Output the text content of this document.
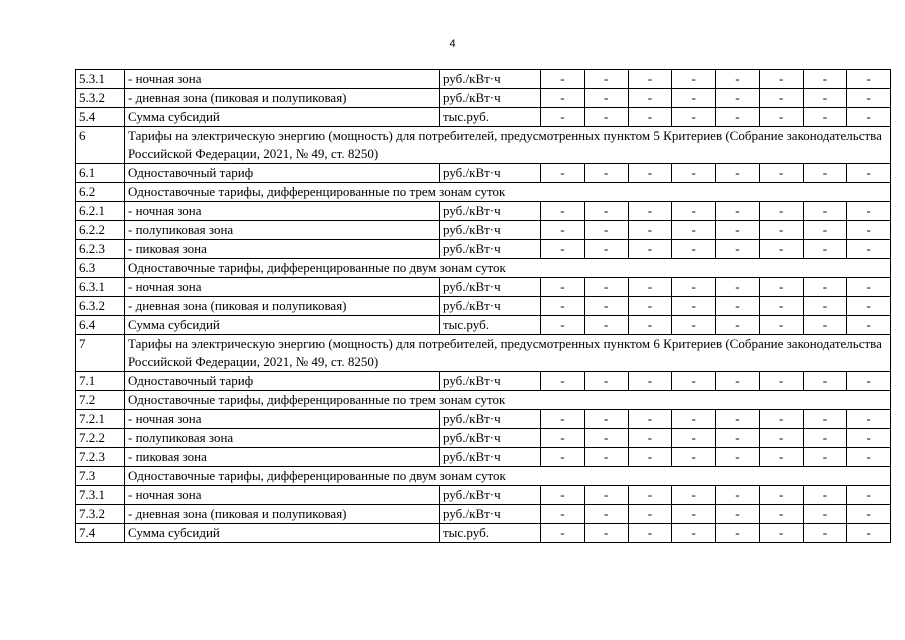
4
5.3.1	- ночная зона	руб./кВт·ч	-	-	-	-	-	-	-	-
5.3.2	- дневная зона (пиковая и полупиковая)	руб./кВт·ч	-	-	-	-	-	-	-	-
5.4	Сумма субсидий	тыс.руб.	-	-	-	-	-	-	-	-
6	Тарифы на электрическую энергию (мощность) для потребителей, предусмотренных пунктом 5 Критериев (Собрание законодательства Российской Федерации, 2021, № 49, ст. 8250)									
6.1	Одноставочный тариф	руб./кВт·ч	-	-	-	-	-	-	-	-
6.2	Одноставочные тарифы, дифференцированные по трем зонам суток									
6.2.1	- ночная зона	руб./кВт·ч	-	-	-	-	-	-	-	-
6.2.2	- полупиковая зона	руб./кВт·ч	-	-	-	-	-	-	-	-
6.2.3	- пиковая зона	руб./кВт·ч	-	-	-	-	-	-	-	-
6.3	Одноставочные тарифы, дифференцированные по двум зонам суток									
6.3.1	- ночная зона	руб./кВт·ч	-	-	-	-	-	-	-	-
6.3.2	- дневная зона (пиковая и полупиковая)	руб./кВт·ч	-	-	-	-	-	-	-	-
6.4	Сумма субсидий	тыс.руб.	-	-	-	-	-	-	-	-
7	Тарифы на электрическую энергию (мощность) для потребителей, предусмотренных пунктом 6 Критериев (Собрание законодательства Российской Федерации, 2021, № 49, ст. 8250)									
7.1	Одноставочный тариф	руб./кВт·ч	-	-	-	-	-	-	-	-
7.2	Одноставочные тарифы, дифференцированные по трем зонам суток									
7.2.1	- ночная зона	руб./кВт·ч	-	-	-	-	-	-	-	-
7.2.2	- полупиковая зона	руб./кВт·ч	-	-	-	-	-	-	-	-
7.2.3	- пиковая зона	руб./кВт·ч	-	-	-	-	-	-	-	-
7.3	Одноставочные тарифы, дифференцированные по двум зонам суток									
7.3.1	- ночная зона	руб./кВт·ч	-	-	-	-	-	-	-	-
7.3.2	- дневная зона (пиковая и полупиковая)	руб./кВт·ч	-	-	-	-	-	-	-	-
7.4	Сумма субсидий	тыс.руб.	-	-	-	-	-	-	-	-
